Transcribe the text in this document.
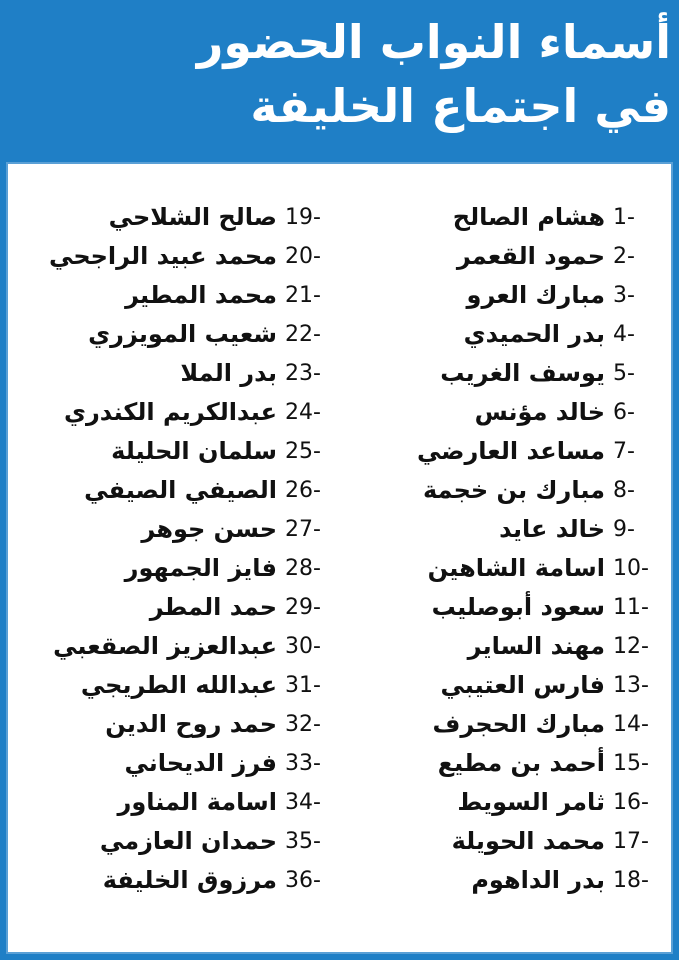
أسماء النواب الحضور
في اجتماع الخليفة
1-
هشام الصالح
2-
حمود القعمر
3-
مبارك العرو
4-
بدر الحميدي
5-
يوسف الغريب
6-
خالد مؤنس
7-
مساعد العارضي
8-
مبارك بن خجمة
9-
خالد عايد
10-
اسامة الشاهين
11-
سعود أبوصليب
12-
مهند الساير
13-
فارس العتيبي
14-
مبارك الحجرف
15-
أحمد بن مطيع
16-
ثامر السويط
17-
محمد الحويلة
18-
بدر الداهوم
19-
صالح الشلاحي
20-
محمد عبيد الراجحي
21-
محمد المطير
22-
شعيب المويزري
23-
بدر الملا
24-
عبدالكريم الكندري
25-
سلمان الحليلة
26-
الصيفي الصيفي
27-
حسن جوهر
28-
فايز الجمهور
29-
حمد المطر
30-
عبدالعزيز الصقعبي
31-
عبدالله الطريجي
32-
حمد روح الدين
33-
فرز الديحاني
34-
اسامة المناور
35-
حمدان العازمي
36-
مرزوق الخليفة
